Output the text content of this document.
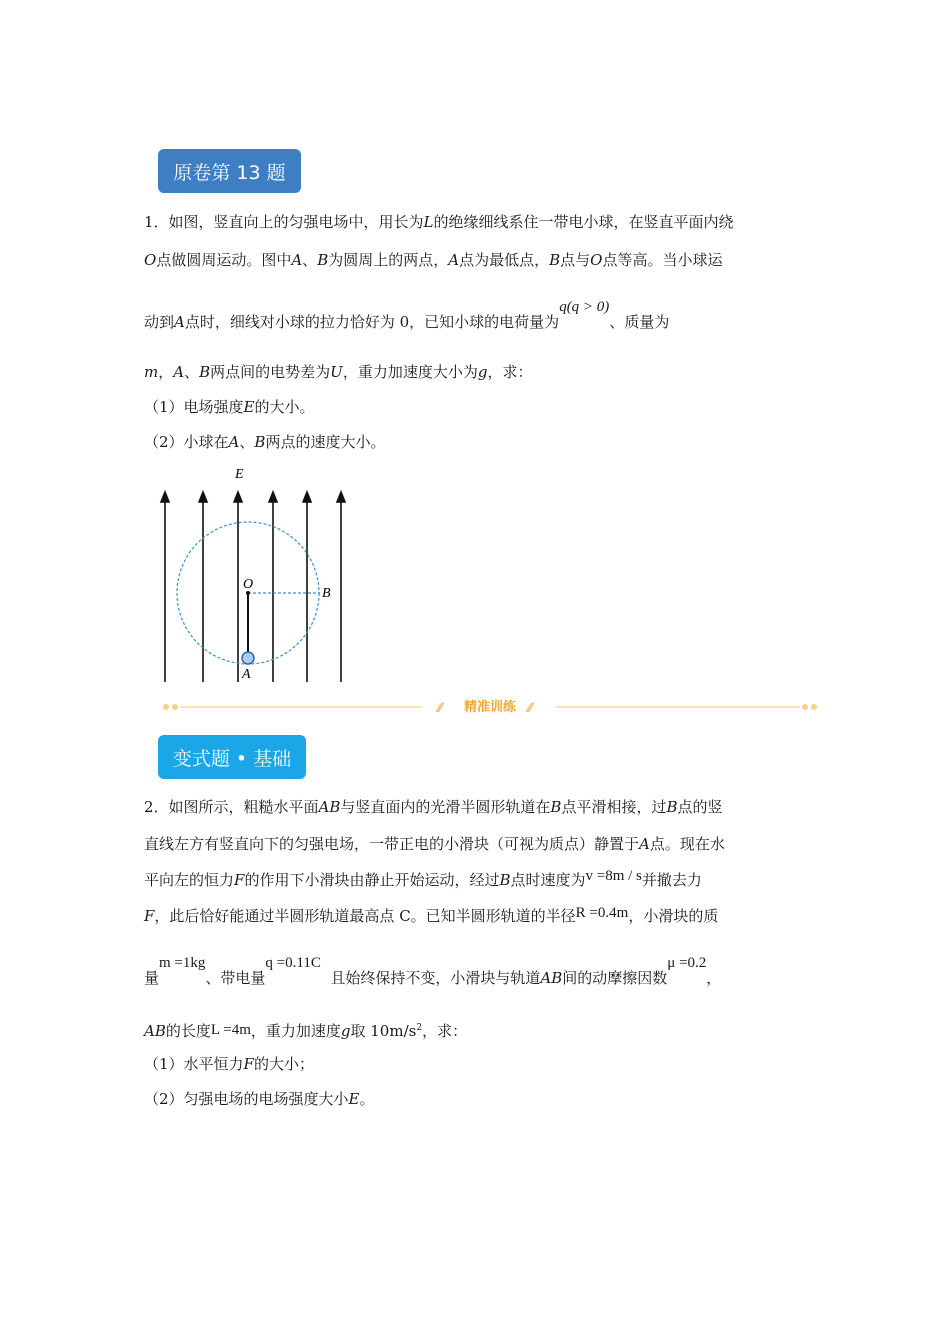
原卷第 13 题
1．如图，竖直向上的匀强电场中，用长为L的绝缘细线系住一带电小球，在竖直平面内绕
O点做圆周运动。图中A、B为圆周上的两点，A点为最低点，B点与O点等高。当小球运
动到A点时，细线对小球的拉力恰好为 0，已知小球的电荷量为q(q > 0)、质量为
m，A、B两点间的电势差为U，重力加速度大小为g，求：
（1）电场强度E的大小。
（2）小球在A、B两点的速度大小。
E
O
B
A
⁄⁄	⁄⁄
精准训练
变式题 • 基础
2．如图所示，粗糙水平面AB与竖直面内的光滑半圆形轨道在B点平滑相接，过B点的竖
直线左方有竖直向下的匀强电场，一带正电的小滑块（可视为质点）静置于A点。现在水
平向左的恒力F的作用下小滑块由静止开始运动，经过B点时速度为v =8m / s并撤去力
F，此后恰好能通过半圆形轨道最高点 C。已知半圆形轨道的半径R =0.4m，小滑块的质
量m =1kg、带电量q =0.11C  且始终保持不变，小滑块与轨道AB间的动摩擦因数μ =0.2，
AB的长度L =4m，重力加速度g取 $10m/s^2$，求：
（1）水平恒力F的大小；
（2）匀强电场的电场强度大小E。
